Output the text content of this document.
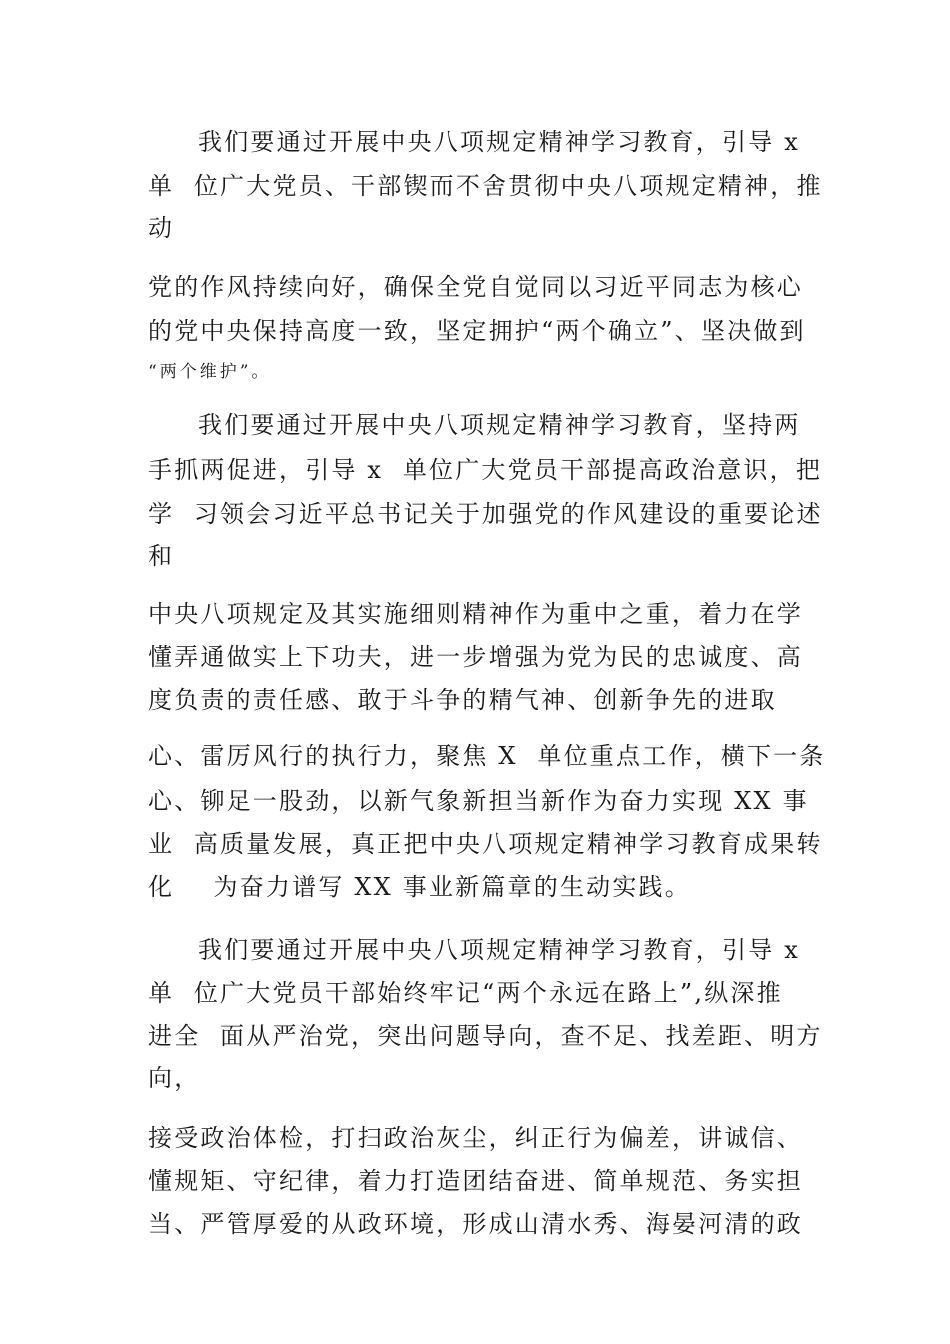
我们要通过开展中央八项规定精神学习教育，引导 x
单  位广大党员、干部锲而不舍贯彻中央八项规定精神，推
动
党的作风持续向好，确保全党自觉同以习近平同志为核心
的党中央保持高度一致，坚定拥护“两个确立”、坚决做到
“两个维护”。
我们要通过开展中央八项规定精神学习教育，坚持两
手抓两促进，引导 x  单位广大党员干部提高政治意识，把
学  习领会习近平总书记关于加强党的作风建设的重要论述
和
中央八项规定及其实施细则精神作为重中之重，着力在学
懂弄通做实上下功夫，进一步增强为党为民的忠诚度、高
度负责的责任感、敢于斗争的精气神、创新争先的进取
心、雷厉风行的执行力，聚焦 X  单位重点工作，横下一条
心、铆足一股劲，以新气象新担当新作为奋力实现 XX 事
业  高质量发展，真正把中央八项规定精神学习教育成果转
化    为奋力谱写 XX 事业新篇章的生动实践。
我们要通过开展中央八项规定精神学习教育，引导 x
单  位广大党员干部始终牢记“两个永远在路上”,纵深推
进全  面从严治党，突出问题导向，查不足、找差距、明方
向，
接受政治体检，打扫政治灰尘，纠正行为偏差，讲诚信、
懂规矩、守纪律，着力打造团结奋进、简单规范、务实担
当、严管厚爱的从政环境，形成山清水秀、海晏河清的政
